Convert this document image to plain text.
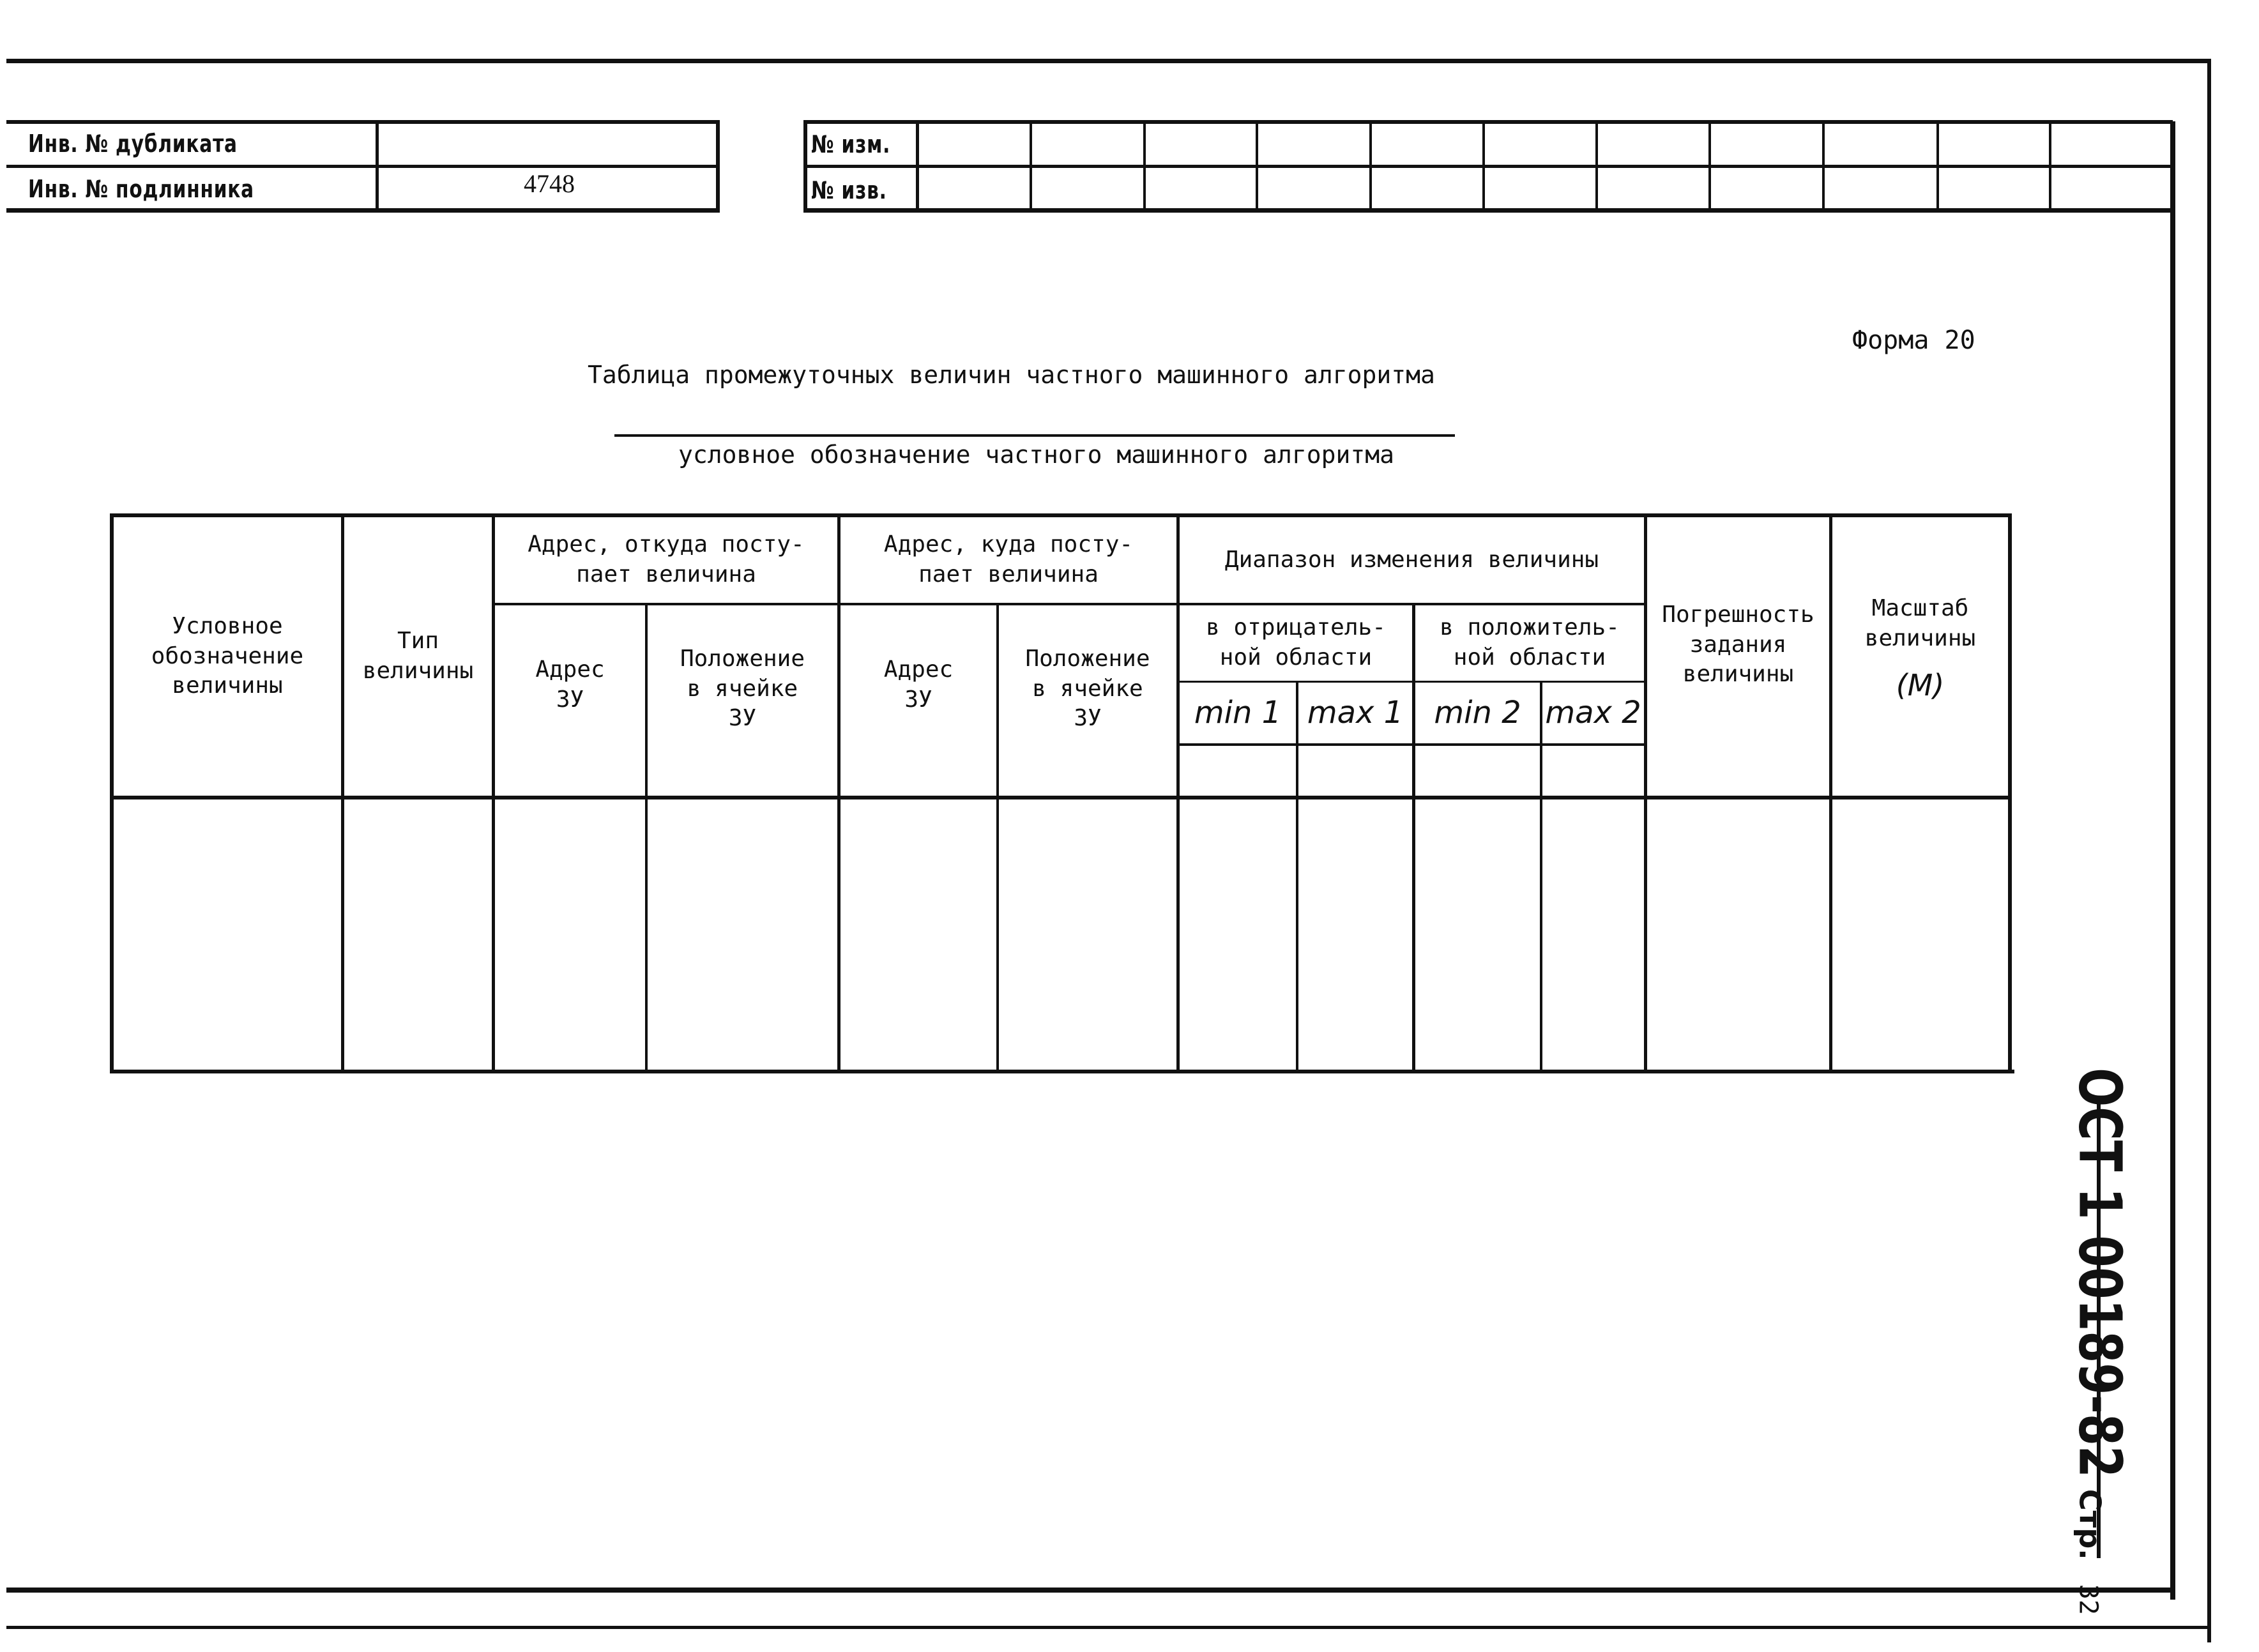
Инв. № дубликата
Инв. № подлинника	4748
№ изм.
№ изв.
Форма 20
Таблица промежуточных величин частного машинного алгоритма
условное обозначение частного машинного алгоритма
Условное
обозначение
величины
Тип
величины
Адрес, откуда посту-
пает величина
Адрес
ЗУ
Положение
в ячейке
ЗУ
Адрес, куда посту-
пает величина
Адрес
ЗУ
Положение
в ячейке
ЗУ
Диапазон изменения величины
в отрицатель-
ной области
в положитель-
ной области
min 1 max 1	min 2 max 2
Погрешность
задания
величины
Масштаб
величины
(M)
ОСТ 1 00189-82
Стр.
32
